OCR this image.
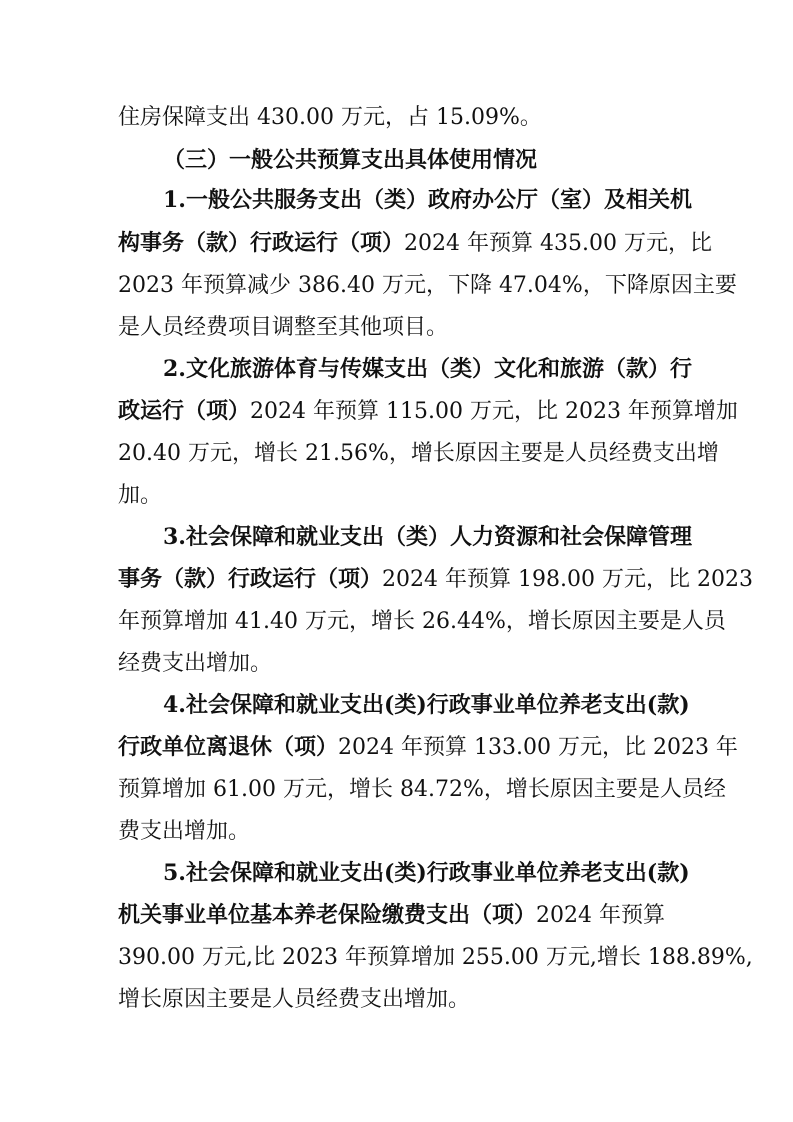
住房保障支出 430.00 万元，占 15.09%。
（三）一般公共预算支出具体使用情况
1.一般公共服务支出（类）政府办公厅（室）及相关机
构事务（款）行政运行（项）2024 年预算 435.00 万元，比
2023 年预算减少 386.40 万元，下降 47.04%，下降原因主要
是人员经费项目调整至其他项目。
2.文化旅游体育与传媒支出（类）文化和旅游（款）行
政运行（项）2024 年预算 115.00 万元，比 2023 年预算增加
20.40 万元，增长 21.56%，增长原因主要是人员经费支出增
加。
3.社会保障和就业支出（类）人力资源和社会保障管理
事务（款）行政运行（项）2024 年预算 198.00 万元，比 2023
年预算增加 41.40 万元，增长 26.44%，增长原因主要是人员
经费支出增加。
4.社会保障和就业支出(类)行政事业单位养老支出(款)
行政单位离退休（项）2024 年预算 133.00 万元，比 2023 年
预算增加 61.00 万元，增长 84.72%，增长原因主要是人员经
费支出增加。
5.社会保障和就业支出(类)行政事业单位养老支出(款)
机关事业单位基本养老保险缴费支出（项）2024 年预算
390.00 万元,比 2023 年预算增加 255.00 万元,增长 188.89%,
增长原因主要是人员经费支出增加。
